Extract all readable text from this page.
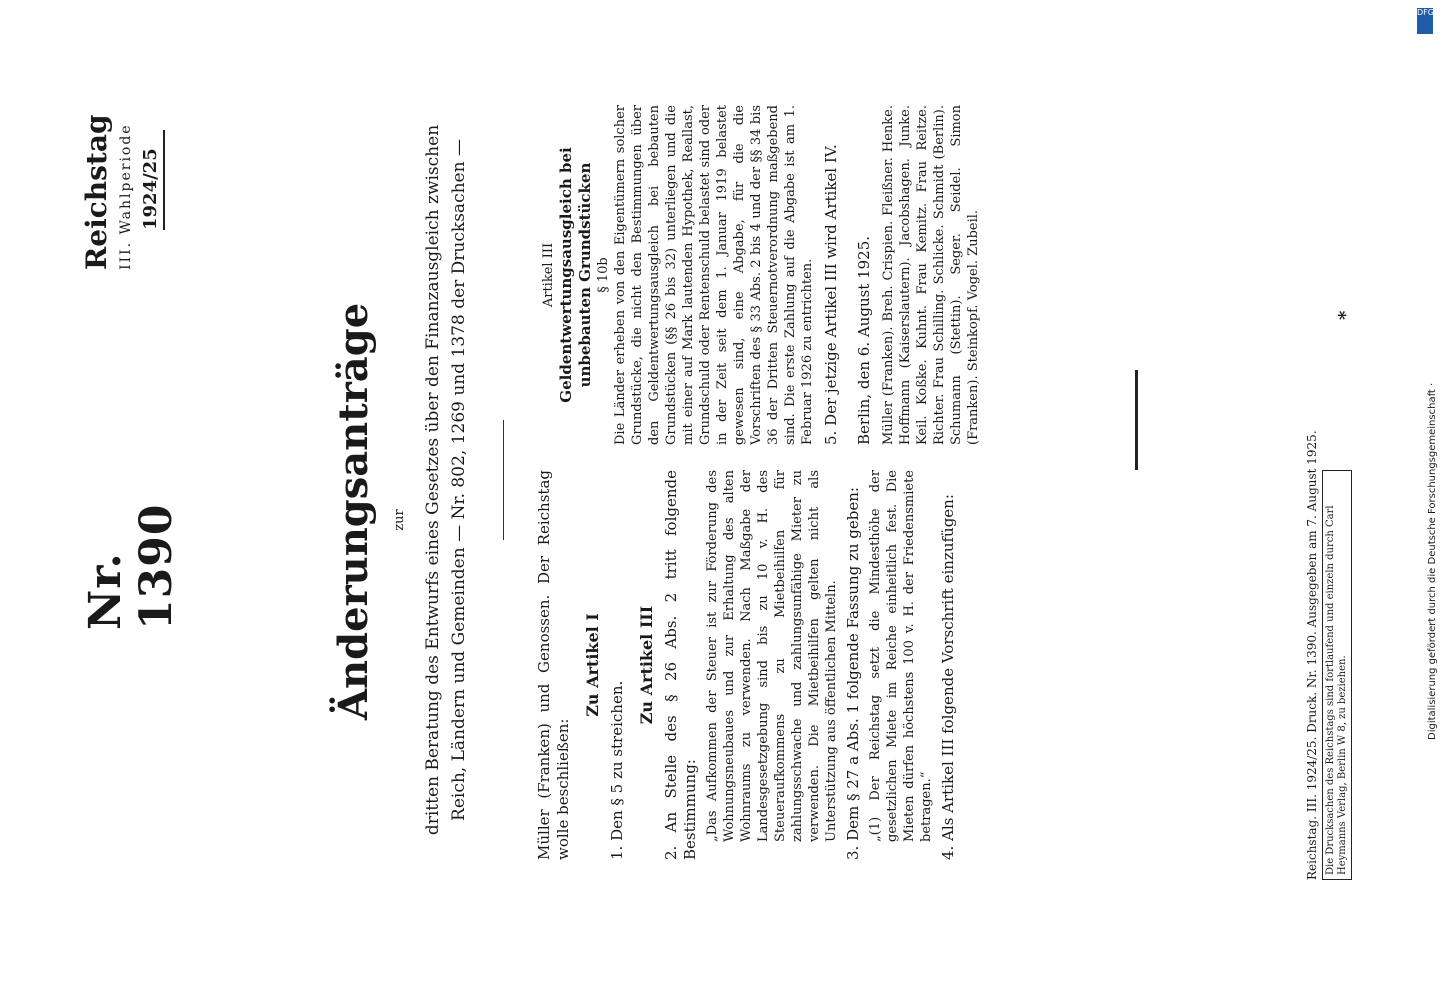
Nr. 1390
Reichstag III. Wahlperiode 1924/25
Änderungsanträge zur dritten Beratung des Entwurfs eines Gesetzes über den Finanzausgleich zwischen Reich, Ländern und Gemeinden — Nr. 802, 1269 und 1378 der Drucksachen —	Müller (Franken) und Genossen. Der Reichstag wolle beschließen:

Zu Artikel I

1. Den § 5 zu streichen.

Zu Artikel III 2. An Stelle des § 26 Abs. 2 tritt folgende Bestimmung: „Das Aufkommen der Steuer ist zur Förderung des Wohnungsneubaues und zur Erhaltung des alten Wohnraums zu verwenden. Nach Maßgabe der Landesgesetzgebung sind bis zu 10 v. H. des Steueraufkommens zu Mietbeihilfen für zahlungsschwache und zahlungsunfähige Mieter zu verwenden. Die Mietbeihilfen gelten nicht als Unterstützung aus öffentlichen Mitteln. 3. Dem § 27 a Abs. 1 folgende Fassung zu geben: „(1) Der Reichstag setzt die Mindesthöhe der gesetzlichen Miete im Reiche einheitlich fest. Die Mieten dürfen höchstens 100 v. H. der Friedensmiete betragen.“ 4. Als Artikel III folgende Vorschrift einzufügen:

Artikel III Geldentwertungsausgleich bei unbebauten Grundstücken § 10b Die Länder erheben von den Eigentümern solcher Grundstücke, die nicht den Bestimmungen über den Geldentwertungsausgleich bei bebauten Grundstücken (§§ 26 bis 32) unterliegen und die mit einer auf Mark lautenden Hypothek, Reallast, Grundschuld oder Rentenschuld belastet sind oder in der Zeit seit dem 1. Januar 1919 belastet gewesen sind, eine Abgabe, für die die Vorschriften des § 33 Abs. 2 bis 4 und der §§ 34 bis 36 der Dritten Steuernotverordnung maßgebend sind. Die erste Zahlung auf die Abgabe ist am 1. Februar 1926 zu entrichten. 5. Der jetzige Artikel III wird Artikel IV. Berlin, den 6. August 1925. Müller (Franken). Breh. Crispien. Fleißner. Henke. Hoffmann (Kaiserslautern). Jacobshagen. Junke. Keil. Koßke. Kuhnt. Frau Kemitz. Frau Reitze. Richter. Frau Schilling. Schlicke. Schmidt (Berlin). Schumann (Stettin). Seger. Seidel. Simon (Franken). Steinkopf. Vogel. Zubeil.	*
Reichstag. III. 1924/25. Druck. Nr. 1390. Ausgegeben am 7. August 1925. Die Drucksachen des Reichstags sind fortlaufend und einzeln durch Carl Heymanns Verlag, Berlin W 8, zu beziehen.
DFG
Digitalisierung gefördert durch die Deutsche Forschungsgemeinschaft ·
